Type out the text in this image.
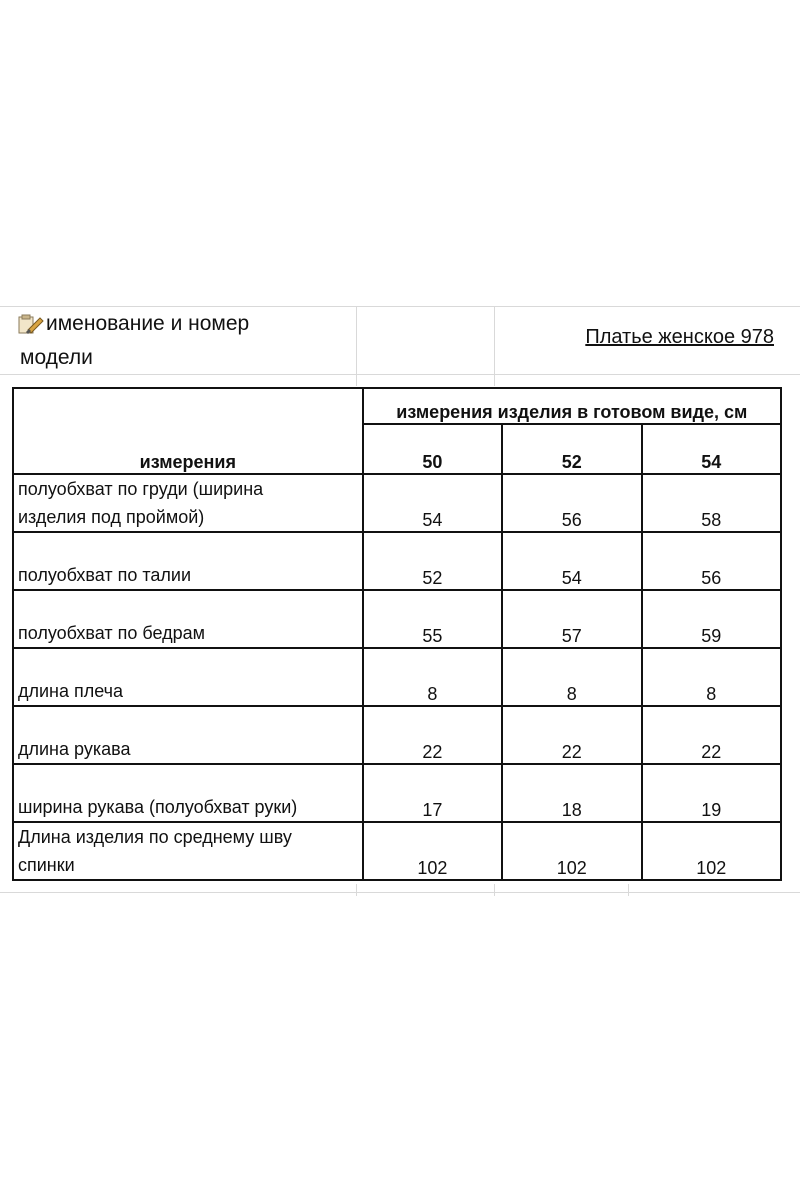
именование и номер
модели
Платье женское 978
измерения	измерения изделия в готовом виде, см		
	50	52	54

полуобхват по груди (ширина
изделия под проймой)	54	56	58

полуобхват по талии	52	54	56

полуобхват по бедрам	55	57	59

длина плеча	8	8	8

длина рукава	22	22	22

ширина рукава (полуобхват руки)	17	18	19

Длина изделия по среднему шву
спинки	102	102	102
